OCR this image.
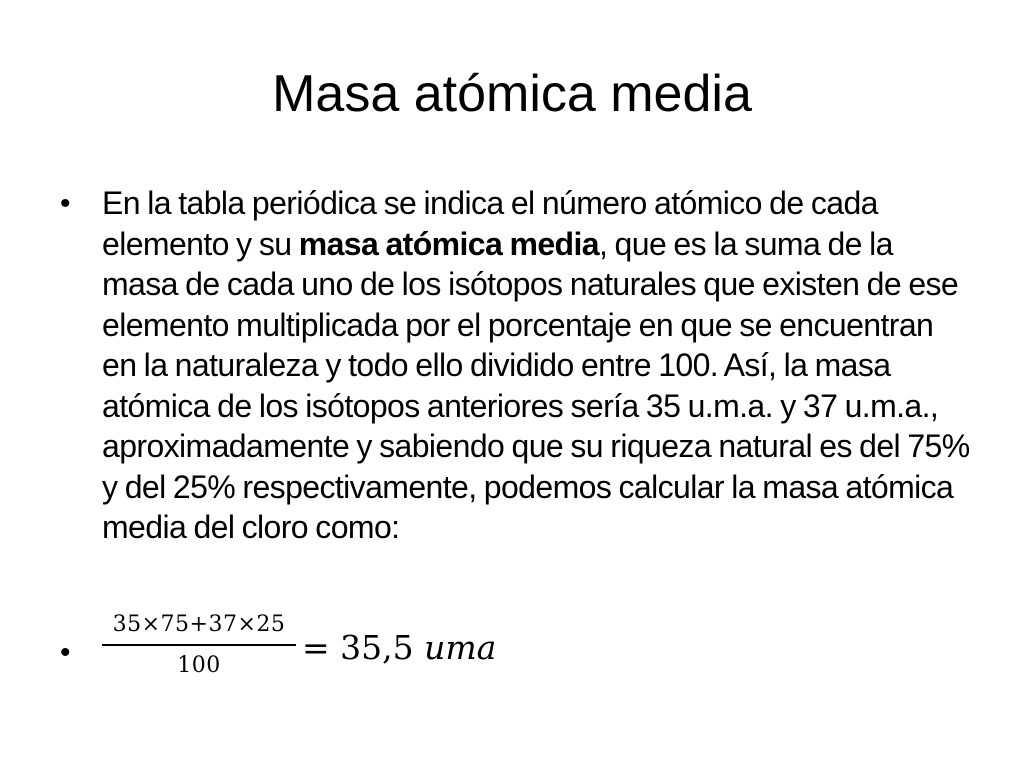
Masa atómica media
• En la tabla periódica se indica el número atómico de cada elemento y su masa atómica media, que es la suma de la masa de cada uno de los isótopos naturales que existen de ese elemento multiplicada por el porcentaje en que se encuentran en la naturaleza y todo ello dividido entre 100. Así, la masa atómica de los isótopos anteriores sería 35 u.m.a. y 37 u.m.a., aproximadamente y sabiendo que su riqueza natural es del 75% y del 25% respectivamente, podemos calcular la masa atómica media del cloro como:
•
35×75+37×25
100	= 35,5 uma
